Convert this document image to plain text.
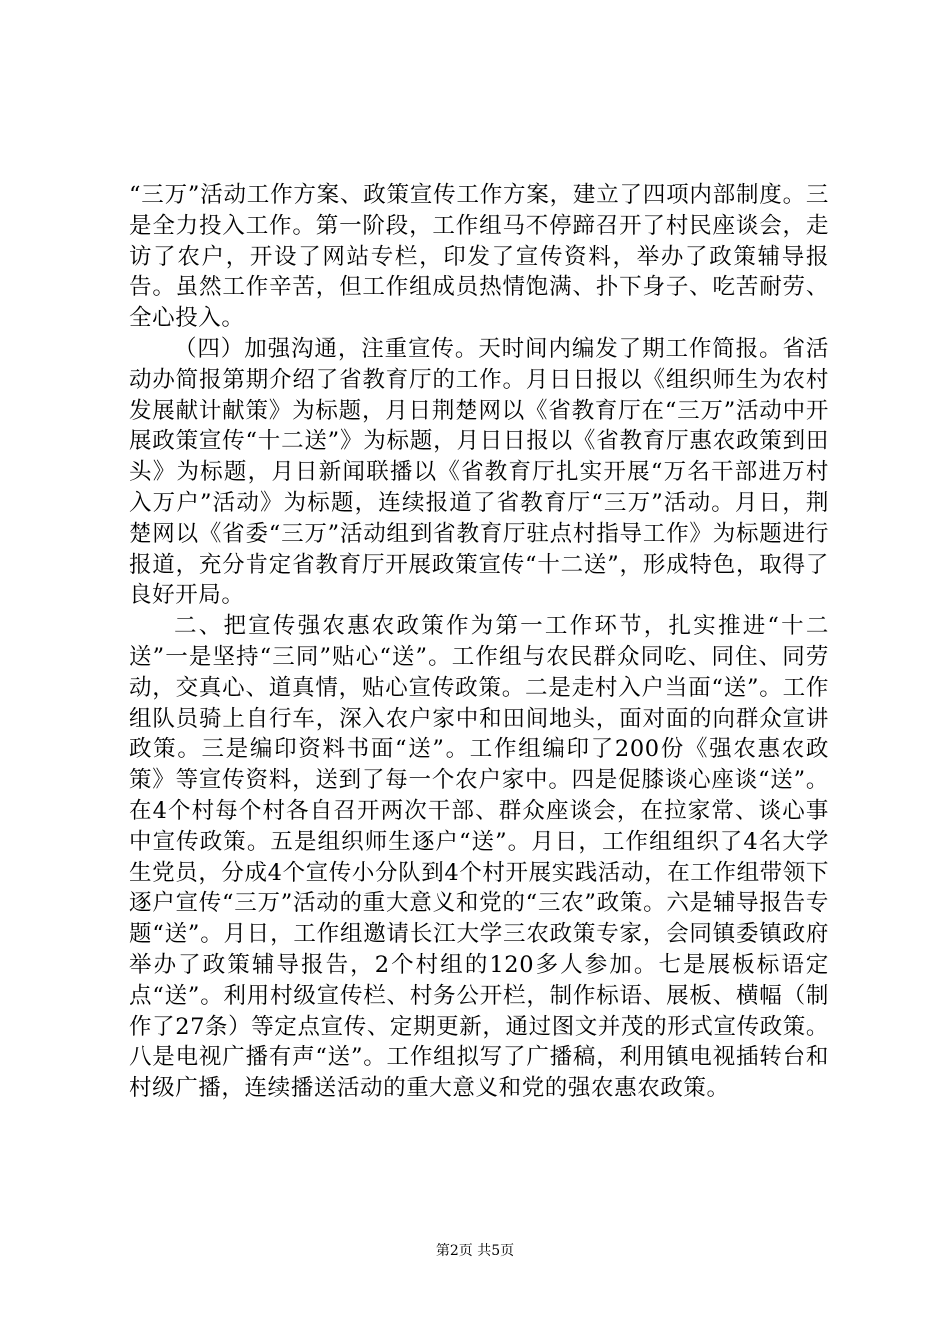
“三万”活动工作方案、政策宣传工作方案，建立了四项内部制度。三是全力投入工作。第一阶段，工作组马不停蹄召开了村民座谈会，走访了农户，开设了网站专栏，印发了宣传资料，举办了政策辅导报告。虽然工作辛苦，但工作组成员热情饱满、扑下身子、吃苦耐劳、全心投入。

（四）加强沟通，注重宣传。天时间内编发了期工作简报。省活动办简报第期介绍了省教育厅的工作。月日日报以《组织师生为农村发展献计献策》为标题，月日荆楚网以《省教育厅在“三万”活动中开展政策宣传“十二送”》为标题，月日日报以《省教育厅惠农政策到田头》为标题，月日新闻联播以《省教育厅扎实开展“万名干部进万村入万户”活动》为标题，连续报道了省教育厅“三万”活动。月日，荆楚网以《省委“三万”活动组到省教育厅驻点村指导工作》为标题进行报道，充分肯定省教育厅开展政策宣传“十二送”，形成特色，取得了良好开局。

二、把宣传强农惠农政策作为第一工作环节，扎实推进“十二送”一是坚持“三同”贴心“送”。工作组与农民群众同吃、同住、同劳动，交真心、道真情，贴心宣传政策。二是走村入户当面“送”。工作组队员骑上自行车，深入农户家中和田间地头，面对面的向群众宣讲政策。三是编印资料书面“送”。工作组编印了200份《强农惠农政策》等宣传资料，送到了每一个农户家中。四是促膝谈心座谈“送”。在4个村每个村各自召开两次干部、群众座谈会，在拉家常、谈心事中宣传政策。五是组织师生逐户“送”。月日，工作组组织了4名大学生党员，分成4个宣传小分队到4个村开展实践活动，在工作组带领下逐户宣传“三万”活动的重大意义和党的“三农”政策。六是辅导报告专题“送”。月日，工作组邀请长江大学三农政策专家，会同镇委镇政府举办了政策辅导报告，2个村组的120多人参加。七是展板标语定点“送”。利用村级宣传栏、村务公开栏，制作标语、展板、横幅（制作了27条）等定点宣传、定期更新，通过图文并茂的形式宣传政策。八是电视广播有声“送”。工作组拟写了广播稿，利用镇电视插转台和村级广播，连续播送活动的重大意义和党的强农惠农政策。

第2页 共5页
